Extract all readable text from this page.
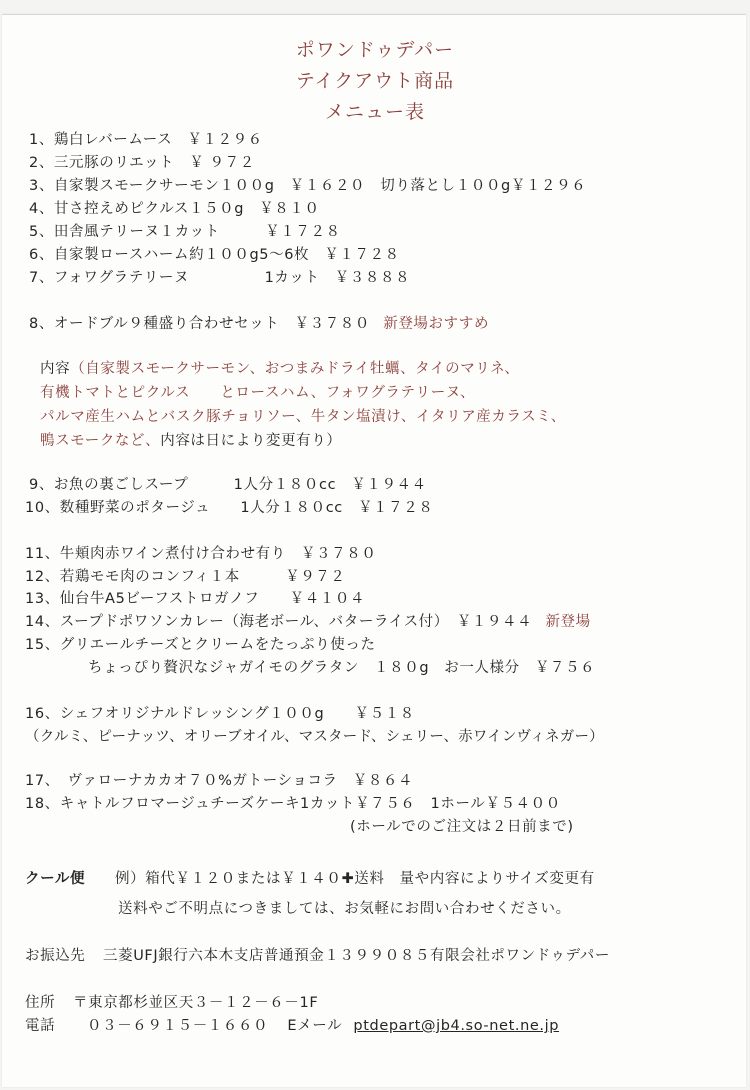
ポワンドゥデパー
テイクアウト商品
メニュー表
1、鶏白レバームース　￥１２９６
2、三元豚のリエット　￥ ９７２
3、自家製スモークサーモン１００g　￥１６２０　切り落とし１００g￥１２９６
4、甘さ控えめピクルス１５０g　￥８１０
5、田舎風テリーヌ１カット　　　￥１７２８
6、自家製ロースハーム約１００g5～6枚　￥１７２８
7、フォワグラテリーヌ　　　　　1カット　￥３８８８
8、オードブル９種盛り合わせセット　￥３７８０ 新登場おすすめ
内容（自家製スモークサーモン、おつまみドライ牡蠣、タイのマリネ、
有機トマトとピクルス　　とロースハム、フォワグラテリーヌ、
パルマ産生ハムとバスク豚チョリソー、牛タン塩漬け、イタリア産カラスミ、
鴨スモークなど、内容は日により変更有り）
9、お魚の裏ごしスープ　　　1人分１８０cc　￥１９４４
10、数種野菜のポタージュ　　1人分１８０cc　￥１７２８
11、牛頬肉赤ワイン煮付け合わせ有り　￥３７８０
12、若鶏モモ肉のコンフィ１本　　　￥９７２
13、仙台牛A5ビーフストロガノフ　　￥４１０４
14、スープドポワソンカレー（海老ボール、バターライス付）　￥１９４４ 新登場
15、グリエールチーズとクリームをたっぷり使った
ちょっぴり贅沢なジャガイモのグラタン　１８０g　お一人様分　￥７５６
16、シェフオリジナルドレッシング１００g　　￥５１８
（クルミ、ピーナッツ、オリーブオイル、マスタード、シェリー、赤ワインヴィネガー）
17、　ヴァローナカカオ７０%ガトーショコラ　￥８６４
18、キャトルフロマージュチーズケーキ1カット￥７５６　1ホール￥５４００
(ホールでのご注文は２日前まで)
クール便 例）箱代￥１２０または￥１４０✚送料　量や内容によりサイズ変更有
送料やご不明点につきましては、お気軽にお問い合わせください。
お振込先 三菱UFJ銀行六本木支店普通預金１３９９０８５有限会社ポワンドゥデパー
住所 〒東京都杉並区天３－１２－６－1F
電話 ０３－６９１５－１６６０ Eメール ptdepart@jb4.so-net.ne.jp
